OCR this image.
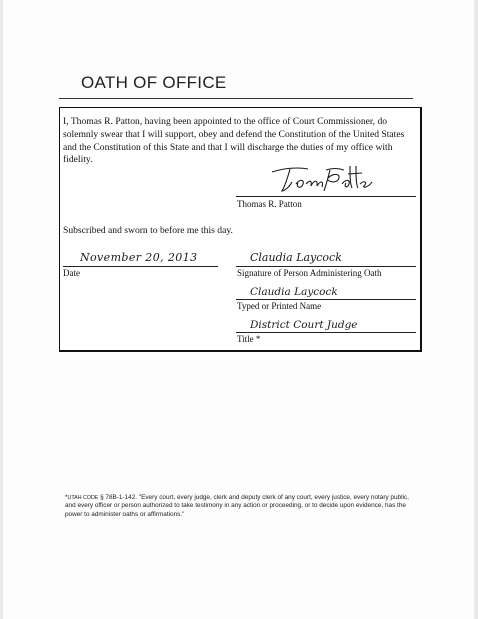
OATH OF OFFICE
I, Thomas R. Patton, having been appointed to the office of Court Commissioner, do solemnly swear that I will support, obey and defend the Constitution of the United States and the Constitution of this State and that I will discharge the duties of my office with fidelity.
Thomas R. Patton
Subscribed and sworn to before me this day.
November 20, 2013
Date
Claudia Laycock
Signature of Person Administering Oath
Claudia Laycock
Typed or Printed Name
District Court Judge
Title *
*UTAH CODE § 78B-1-142. "Every court, every judge, clerk and deputy clerk of any court, every justice, every notary public, and every officer or person authorized to take testimony in any action or proceeding, or to decide upon evidence, has the power to administer oaths or affirmations."
